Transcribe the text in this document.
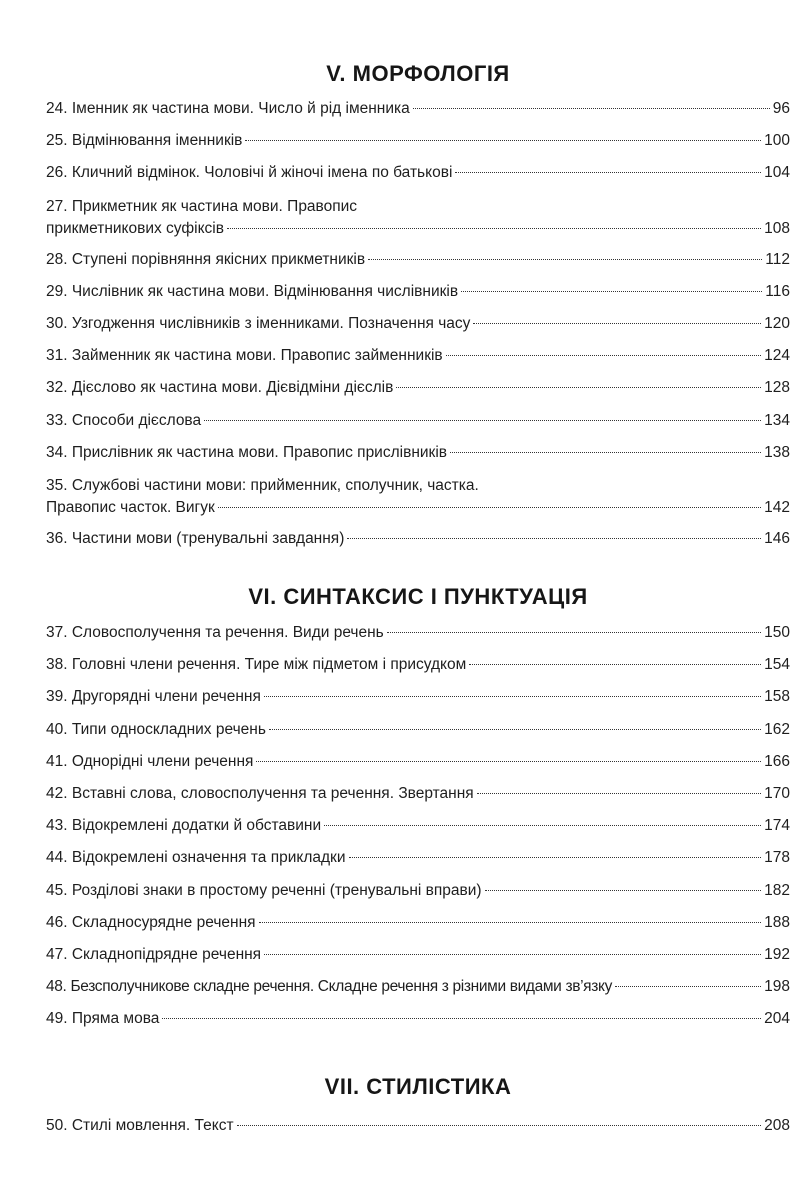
V. МОРФОЛОГІЯ
24. Іменник як частина мови. Число й рід іменника	96
25. Відмінювання іменників	100
26. Кличний відмінок. Чоловічі й жіночі імена по батькові	104
27. Прикметник як частина мови. Правопис
прикметникових суфіксів	108
28. Ступені порівняння якісних прикметників	112
29. Числівник як частина мови. Відмінювання числівників	116
30. Узгодження числівників з іменниками. Позначення часу	120
31. Займенник як частина мови. Правопис займенників	124
32. Дієслово як частина мови. Дієвідміни дієслів	128
33. Способи дієслова	134
34. Прислівник як частина мови. Правопис прислівників	138
35. Службові частини мови: прийменник, сполучник, частка.
Правопис часток. Вигук	142
36. Частини мови (тренувальні завдання)	146
VI. СИНТАКСИС І ПУНКТУАЦІЯ
37. Словосполучення та речення. Види речень	150
38. Головні члени речення. Тире між підметом і присудком	154
39. Другорядні члени речення	158
40. Типи односкладних речень	162
41. Однорідні члени речення	166
42. Вставні слова, словосполучення та речення. Звертання	170
43. Відокремлені додатки й обставини	174
44. Відокремлені означення та прикладки	178
45. Розділові знаки в простому реченні (тренувальні вправи)	182
46. Складносурядне речення	188
47. Складнопідрядне речення	192
48. Безсполучникове складне речення. Складне речення з різними видами зв’язку	198
49. Пряма мова	204
VII. СТИЛІСТИКА
50. Стилі мовлення. Текст	208
